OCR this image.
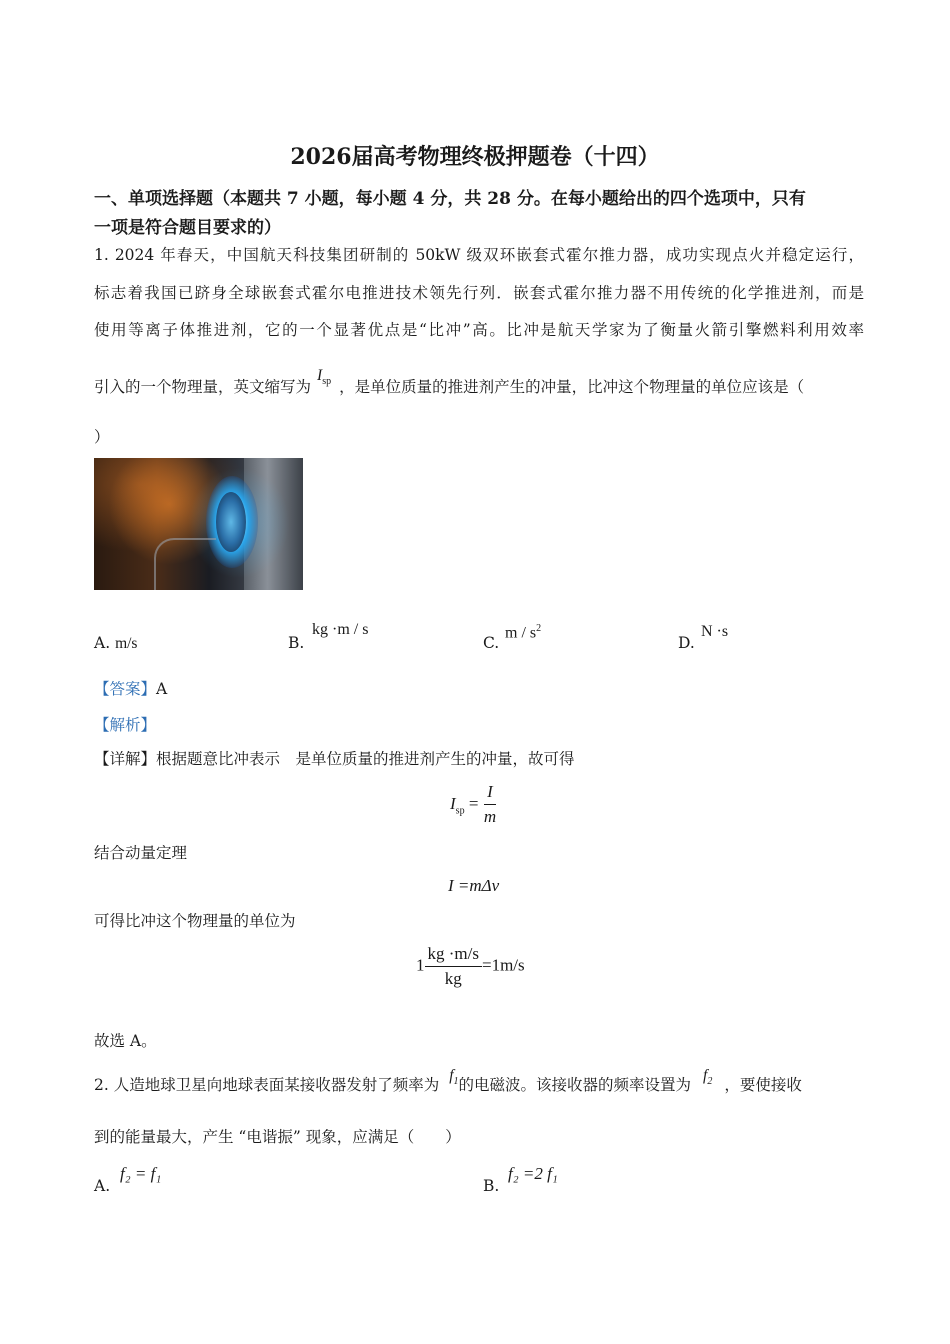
2026届高考物理终极押题卷（十四）
一、单项选择题（本题共 7 小题，每小题 4 分，共 28 分。在每小题给出的四个选项中，只有
一项是符合题目要求的）
1. 2024 年春天，中国航天科技集团研制的 50kW 级双环嵌套式霍尔推力器，成功实现点火并稳定运行，
标志着我国已跻身全球嵌套式霍尔电推进技术领先行列．嵌套式霍尔推力器不用传统的化学推进剂，而是
使用等离子体推进剂，它的一个显著优点是“比冲”高。比冲是航天学家为了衡量火箭引擎燃料利用效率
引入的一个物理量，英文缩写为$I_{sp}$ ，是单位质量的推进剂产生的冲量，比冲这个物理量的单位应该是（
）
A. m/s	B.
kg ·m / s
C.
m / $s^2$
D.
N ·s
【答案】A
【解析】
【详解】根据题意比冲表示　是单位质量的推进剂产生的冲量，故可得
$I_{sp} = \frac{I}{m}$
结合动量定理
I =mΔv
可得比冲这个物理量的单位为
$1 \frac{kg \cdot m/s}{kg} =1m/s$
故选 A。
2. 人造地球卫星向地球表面某接收器发射了频率为$f_1$的电磁波。该接收器的频率设置为$f_2$ ，要使接收
到的能量最大，产生 “电谐振” 现象，应满足（　　）
A.
f₂ = f₁
B.
f₂ =2 f₁
